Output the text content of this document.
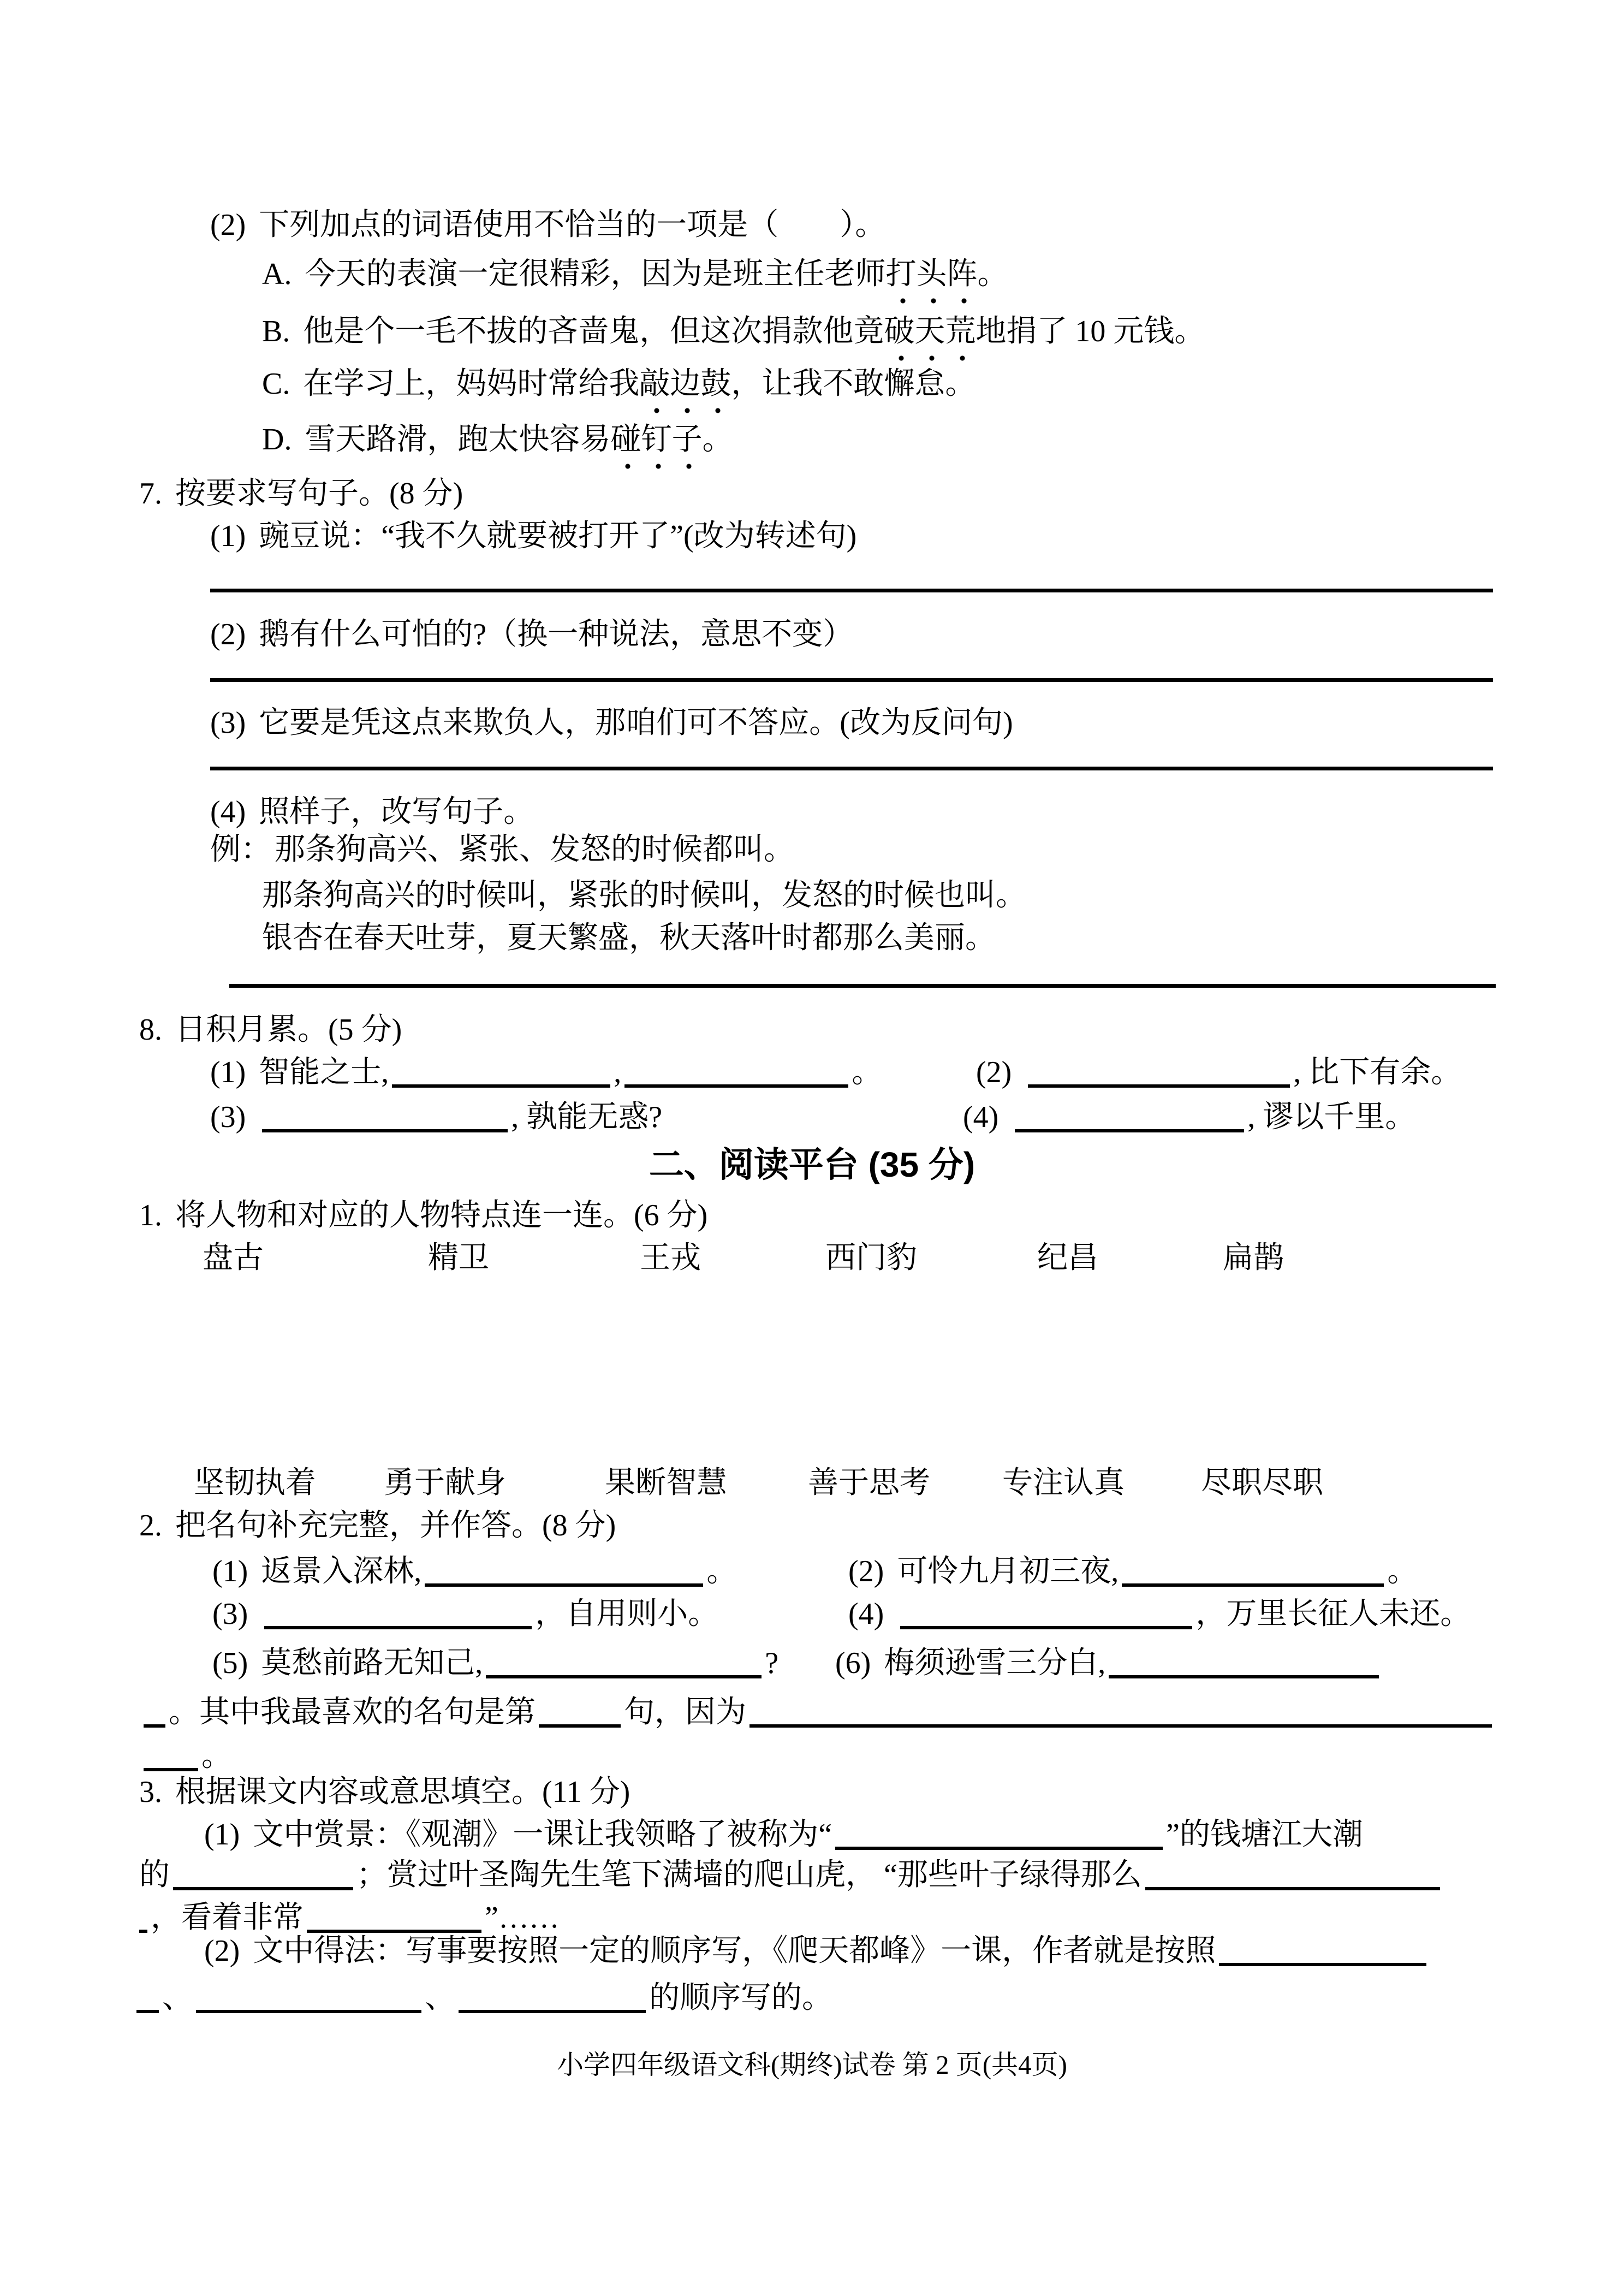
(2) 下列加点的词语使用不恰当的一项是（　　）。
A. 今天的表演一定很精彩，因为是班主任老师打头阵。
B. 他是个一毛不拔的吝啬鬼，但这次捐款他竟破天荒地捐了 10 元钱。
C. 在学习上，妈妈时常给我敲边鼓，让我不敢懈怠。
D. 雪天路滑，跑太快容易碰钉子。
7. 按要求写句子。(8 分)
(1) 豌豆说：“我不久就要被打开了”(改为转述句)
(2) 鹅有什么可怕的?（换一种说法，意思不变）
(3) 它要是凭这点来欺负人，那咱们可不答应。(改为反问句)
(4) 照样子，改写句子。
例： 那条狗高兴、紧张、发怒的时候都叫。
那条狗高兴的时候叫，紧张的时候叫，发怒的时候也叫。
银杏在春天吐芽，夏天繁盛，秋天落叶时都那么美丽。
8. 日积月累。(5 分)
(1) 智能之士,	,	。	(2)	, 比下有余。
(3)	, 孰能无惑?	(4)	, 谬以千里。
二、阅读平台 (35 分)
1. 将人物和对应的人物特点连一连。(6 分)
盘古	精卫	王戎	西门豹	纪昌	扁鹊
坚韧执着 勇于献身	果断智慧	善于思考 专注认真	尽职尽职
2. 把名句补充完整，并作答。(8 分)
(1) 返景入深林,	。	(2) 可怜九月初三夜,	。
(3)	，自用则小。	(4)	，万里长征人未还。
(5) 莫愁前路无知己,	? (6) 梅须逊雪三分白,
。其中我最喜欢的名句是第	句，因为
。
3. 根据课文内容或意思填空。(11 分)
(1) 文中赏景：《观潮》一课让我领略了被称为“	”的钱塘江大潮
的	；赏过叶圣陶先生笔下满墙的爬山虎， “那些叶子绿得那么
，看着非常	”……
(2) 文中得法：写事要按照一定的顺序写，《爬天都峰》一课，作者就是按照
、	、	的顺序写的。
小学四年级语文科(期终)试卷 第 2 页(共4页)
